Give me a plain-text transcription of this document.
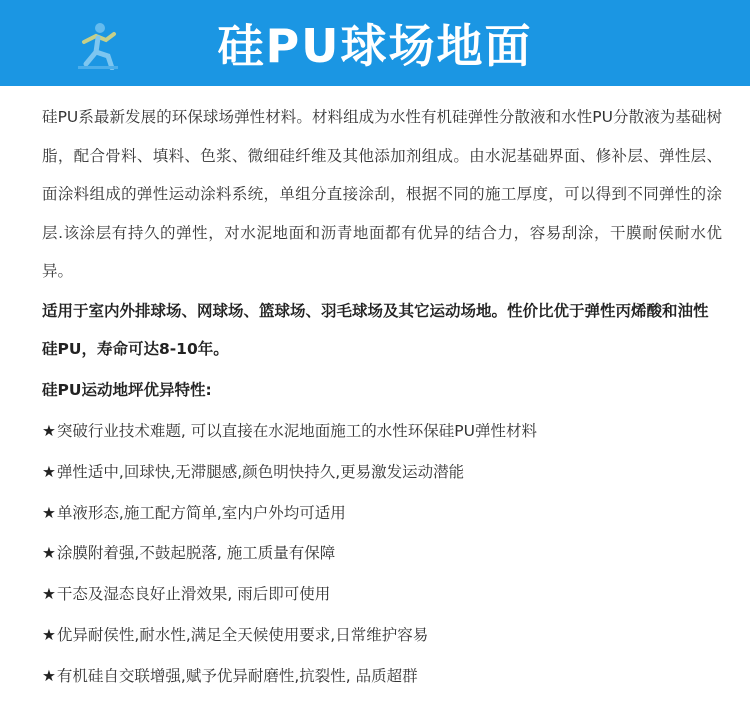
硅PU球场地面

硅PU系最新发展的环保球场弹性材料。材料组成为水性有机硅弹性分散液和水性PU分散液为基础树脂，配合骨料、填料、色浆、微细硅纤维及其他添加剂组成。由水泥基础界面、修补层、弹性层、面涂料组成的弹性运动涂料系统，单组分直接涂刮，根据不同的施工厚度，可以得到不同弹性的涂层.该涂层有持久的弹性，对水泥地面和沥青地面都有优异的结合力，容易刮涂，干膜耐侯耐水优异。

适用于室内外排球场、网球场、篮球场、羽毛球场及其它运动场地。性价比优于弹性丙烯酸和油性硅PU，寿命可达8-10年。

硅PU运动地坪优异特性:

★突破行业技术难题, 可以直接在水泥地面施工的水性环保硅PU弹性材料
★弹性适中,回球快,无滞腿感,颜色明快持久,更易激发运动潜能
★单液形态,施工配方简单,室内户外均可适用
★涂膜附着强,不鼓起脱落, 施工质量有保障
★干态及湿态良好止滑效果, 雨后即可使用
★优异耐侯性,耐水性,满足全天候使用要求,日常维护容易
★有机硅自交联增强,赋予优异耐磨性,抗裂性, 品质超群
